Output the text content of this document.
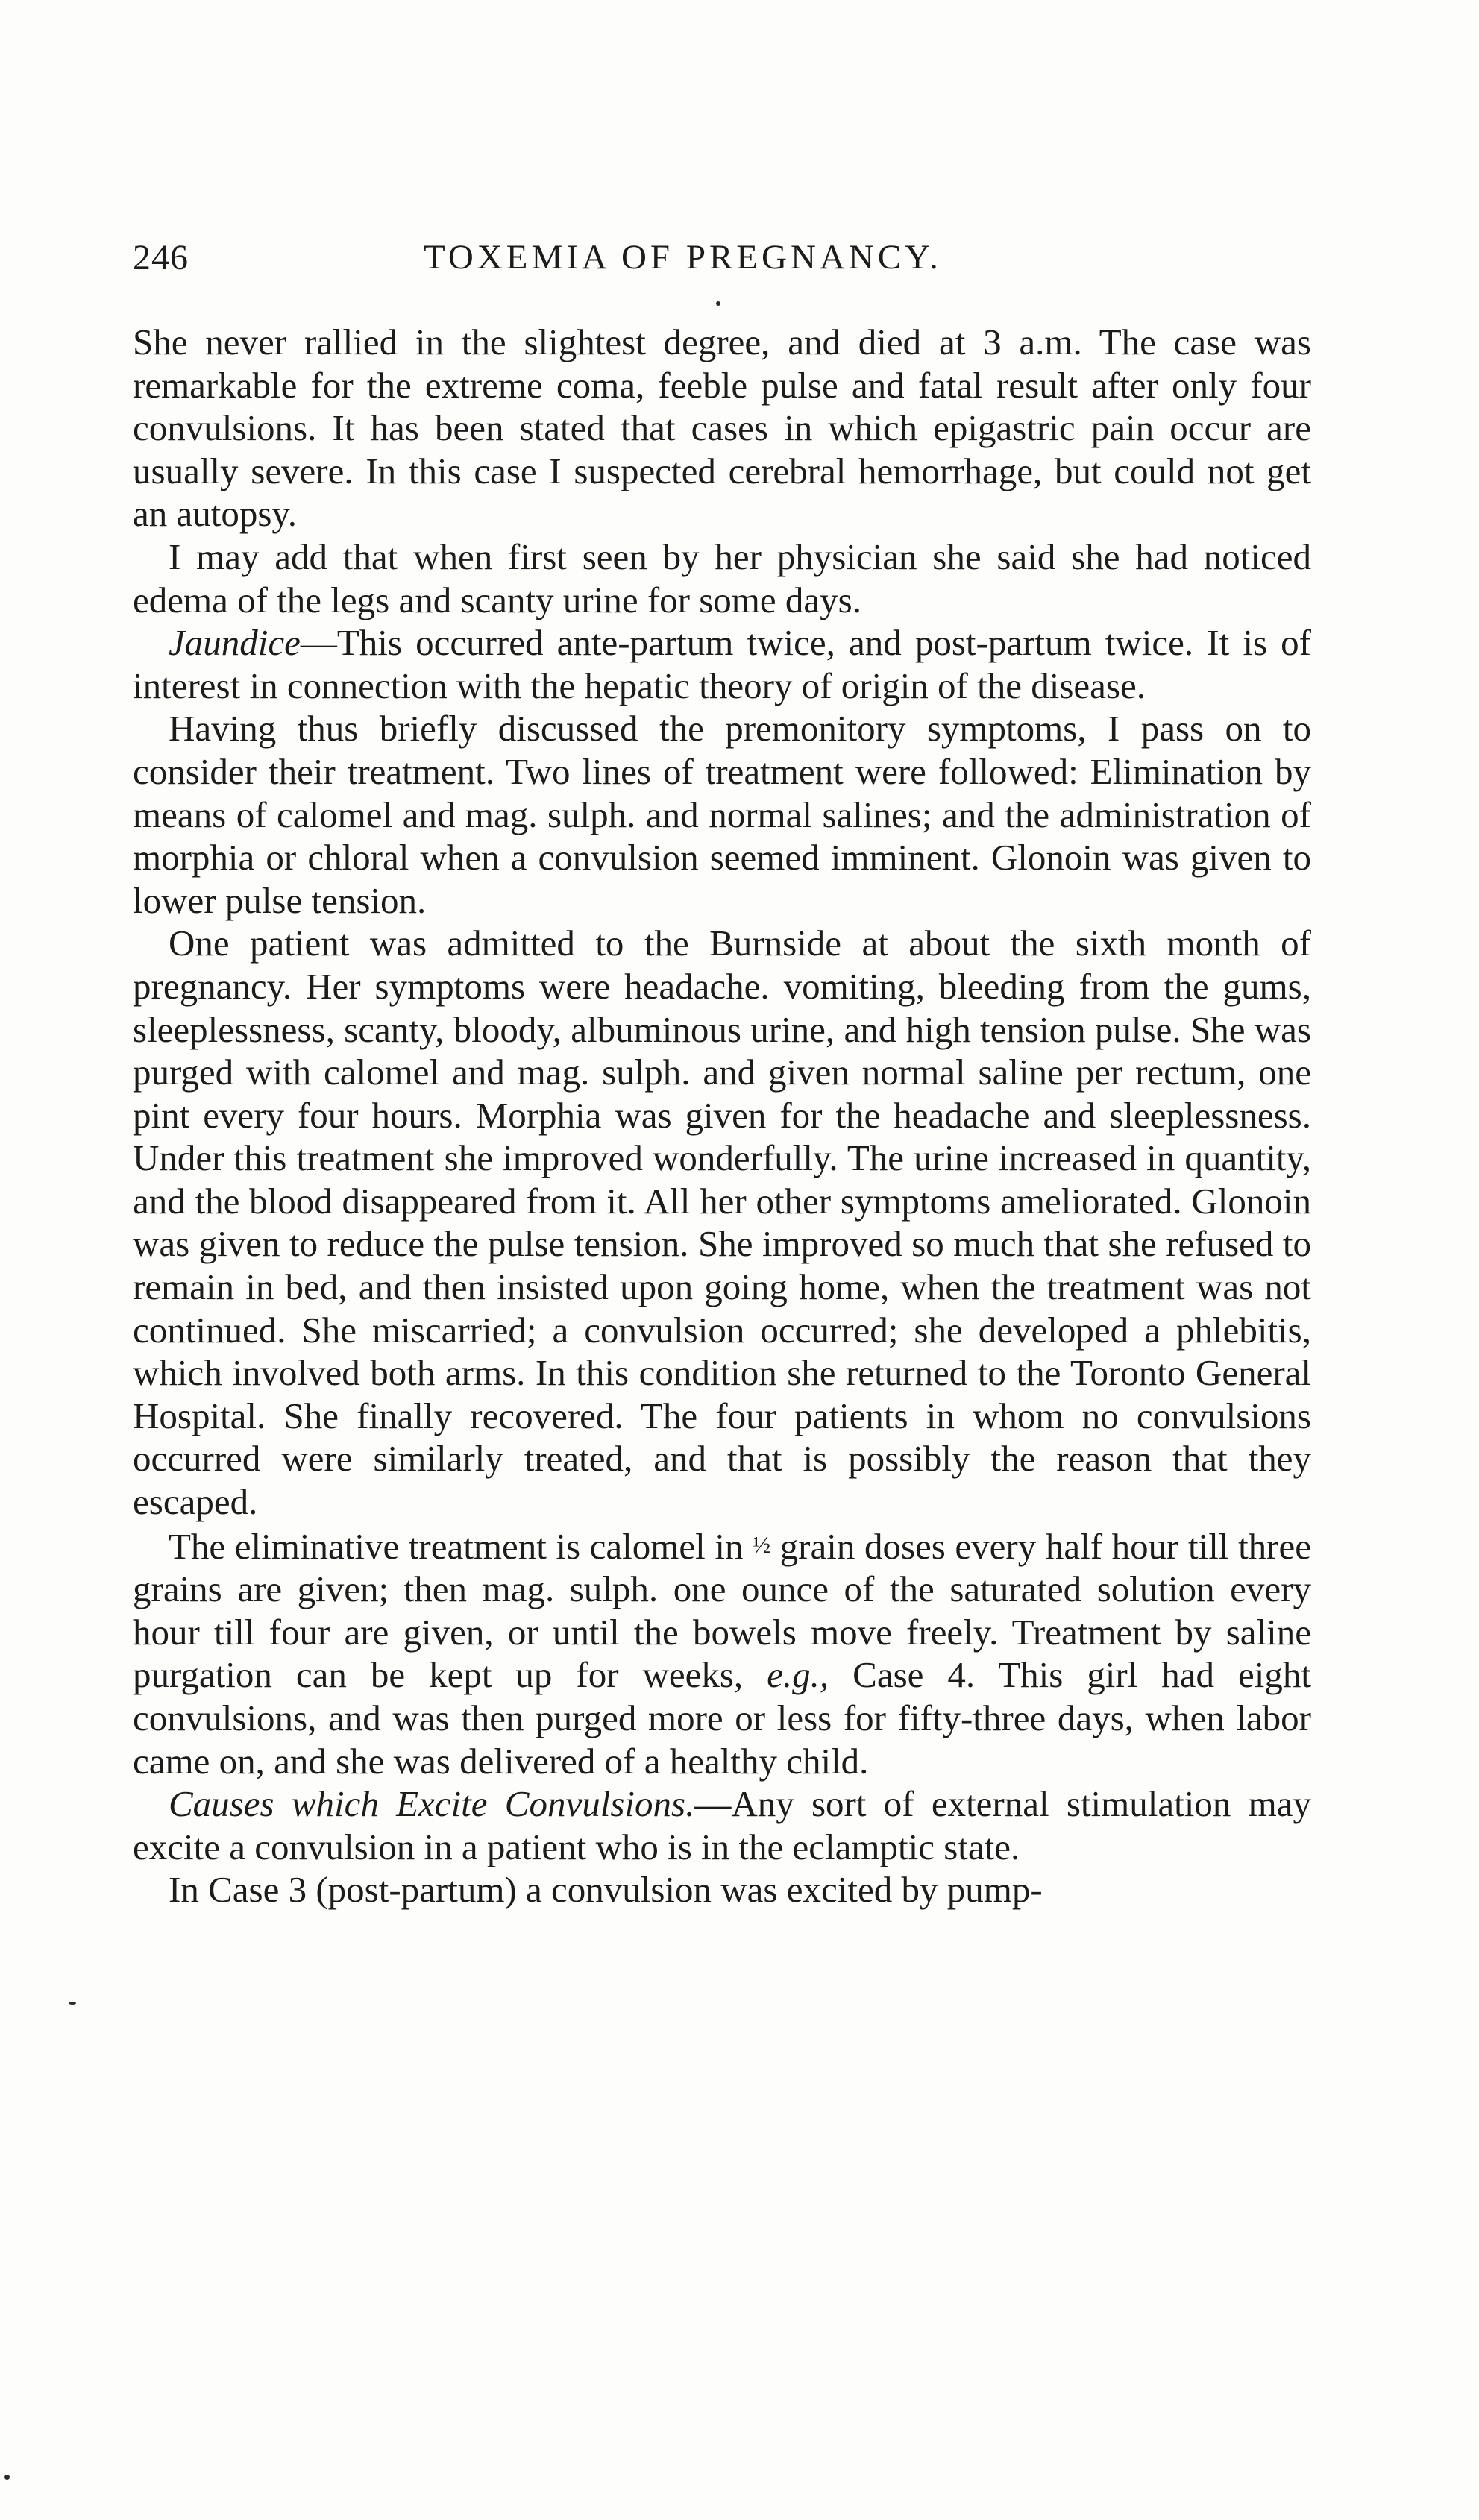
246	TOXEMIA OF PREGNANCY.

She never rallied in the slightest degree, and died at 3 a.m. The case was remarkable for the extreme coma, feeble pulse and fatal result after only four convulsions. It has been stated that cases in which epigastric pain occur are usually severe. In this case I suspected cerebral hemorrhage, but could not get an autopsy.

I may add that when first seen by her physician she said she had noticed edema of the legs and scanty urine for some days.

Jaundice—This occurred ante-partum twice, and post-partum twice. It is of interest in connection with the hepatic theory of origin of the disease.

Having thus briefly discussed the premonitory symptoms, I pass on to consider their treatment. Two lines of treatment were followed: Elimination by means of calomel and mag. sulph. and normal salines; and the administration of morphia or chloral when a convulsion seemed imminent. Glonoin was given to lower pulse tension.

One patient was admitted to the Burnside at about the sixth month of pregnancy. Her symptoms were headache. vomiting, bleeding from the gums, sleeplessness, scanty, bloody, albuminous urine, and high tension pulse. She was purged with calomel and mag. sulph. and given normal saline per rectum, one pint every four hours. Morphia was given for the headache and sleeplessness. Under this treatment she improved wonderfully. The urine increased in quantity, and the blood disappeared from it. All her other symptoms ameliorated. Glonoin was given to reduce the pulse tension. She improved so much that she refused to remain in bed, and then insisted upon going home, when the treatment was not continued. She miscarried; a convulsion occurred; she developed a phlebitis, which involved both arms. In this condition she returned to the Toronto General Hospital. She finally recovered. The four patients in whom no convulsions occurred were similarly treated, and that is possibly the reason that they escaped.

The eliminative treatment is calomel in ½ grain doses every half hour till three grains are given; then mag. sulph. one ounce of the saturated solution every hour till four are given, or until the bowels move freely. Treatment by saline purgation can be kept up for weeks, e.g., Case 4. This girl had eight convulsions, and was then purged more or less for fifty-three days, when labor came on, and she was delivered of a healthy child.

Causes which Excite Convulsions.—Any sort of external stimulation may excite a convulsion in a patient who is in the eclamptic state.

In Case 3 (post-partum) a convulsion was excited by pump-
